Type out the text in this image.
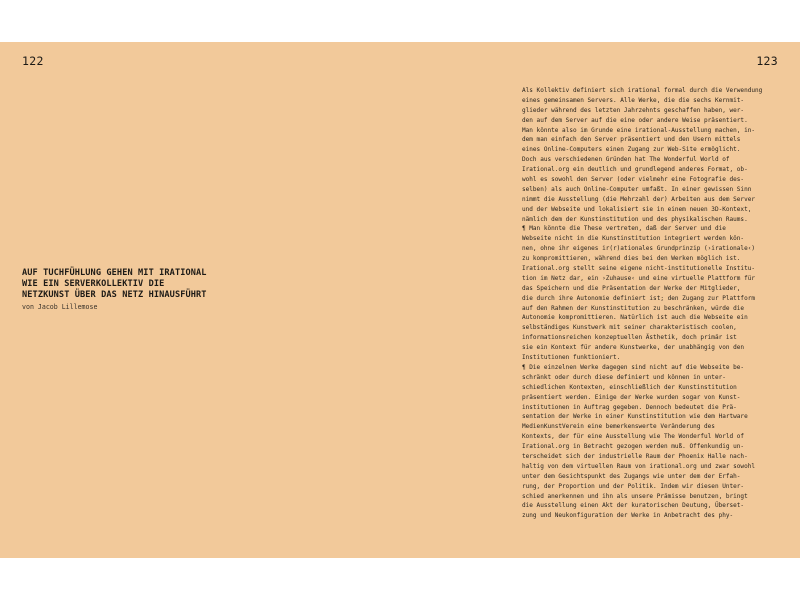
122
AUF TUCHFÜHLUNG GEHEN MIT IRATIONAL
WIE EIN SERVERKOLLEKTIV DIE
NETZKUNST ÜBER DAS NETZ HINAUSFÜHRT
von Jacob Lillemose
123
Als Kollektiv definiert sich irational formal durch die Verwendung
eines gemeinsamen Servers. Alle Werke, die die sechs Kernmit-
glieder während des letzten Jahrzehnts geschaffen haben, wer-
den auf dem Server auf die eine oder andere Weise präsentiert.
Man könnte also im Grunde eine irational-Ausstellung machen, in-
dem man einfach den Server präsentiert und den Usern mittels
eines Online-Computers einen Zugang zur Web-Site ermöglicht.
Doch aus verschiedenen Gründen hat The Wonderful World of
Irational.org ein deutlich und grundlegend anderes Format, ob-
wohl es sowohl den Server (oder vielmehr eine Fotografie des-
selben) als auch Online-Computer umfaßt. In einer gewissen Sinn
nimmt die Ausstellung (die Mehrzahl der) Arbeiten aus dem Server
und der Webseite und lokalisiert sie in einem neuen 3D-Kontext,
nämlich dem der Kunstinstitution und des physikalischen Raums.
¶ Man könnte die These vertreten, daß der Server und die
Webseite nicht in die Kunstinstitution integriert werden kön-
nen, ohne ihr eigenes ir(r)ationales Grundprinzip (›irationale‹)
zu kompromittieren, während dies bei den Werken möglich ist.
Irational.org stellt seine eigene nicht-institutionelle Institu-
tion im Netz dar, ein ›Zuhause‹ und eine virtuelle Plattform für
das Speichern und die Präsentation der Werke der Mitglieder,
die durch ihre Autonomie definiert ist; den Zugang zur Plattform
auf den Rahmen der Kunstinstitution zu beschränken, würde die
Autonomie kompromittieren. Natürlich ist auch die Webseite ein
selbständiges Kunstwerk mit seiner charakteristisch coolen,
informationsreichen konzeptuellen Ästhetik, doch primär ist
sie ein Kontext für andere Kunstwerke, der unabhängig von den
Institutionen funktioniert.
¶ Die einzelnen Werke dagegen sind nicht auf die Webseite be-
schränkt oder durch diese definiert und können in unter-
schiedlichen Kontexten, einschließlich der Kunstinstitution
präsentiert werden. Einige der Werke wurden sogar von Kunst-
institutionen in Auftrag gegeben. Dennoch bedeutet die Prä-
sentation der Werke in einer Kunstinstitution wie dem Hartware
MedienKunstVerein eine bemerkenswerte Veränderung des
Kontexts, der für eine Ausstellung wie The Wonderful World of
Irational.org in Betracht gezogen werden muß. Offenkundig un-
terscheidet sich der industrielle Raum der Phoenix Halle nach-
haltig von dem virtuellen Raum von irational.org und zwar sowohl
unter dem Gesichtspunkt des Zugangs wie unter dem der Erfah-
rung, der Proportion und der Politik. Indem wir diesen Unter-
schied anerkennen und ihn als unsere Prämisse benutzen, bringt
die Ausstellung einen Akt der kuratorischen Deutung, Überset-
zung und Neukonfiguration der Werke in Anbetracht des phy-
